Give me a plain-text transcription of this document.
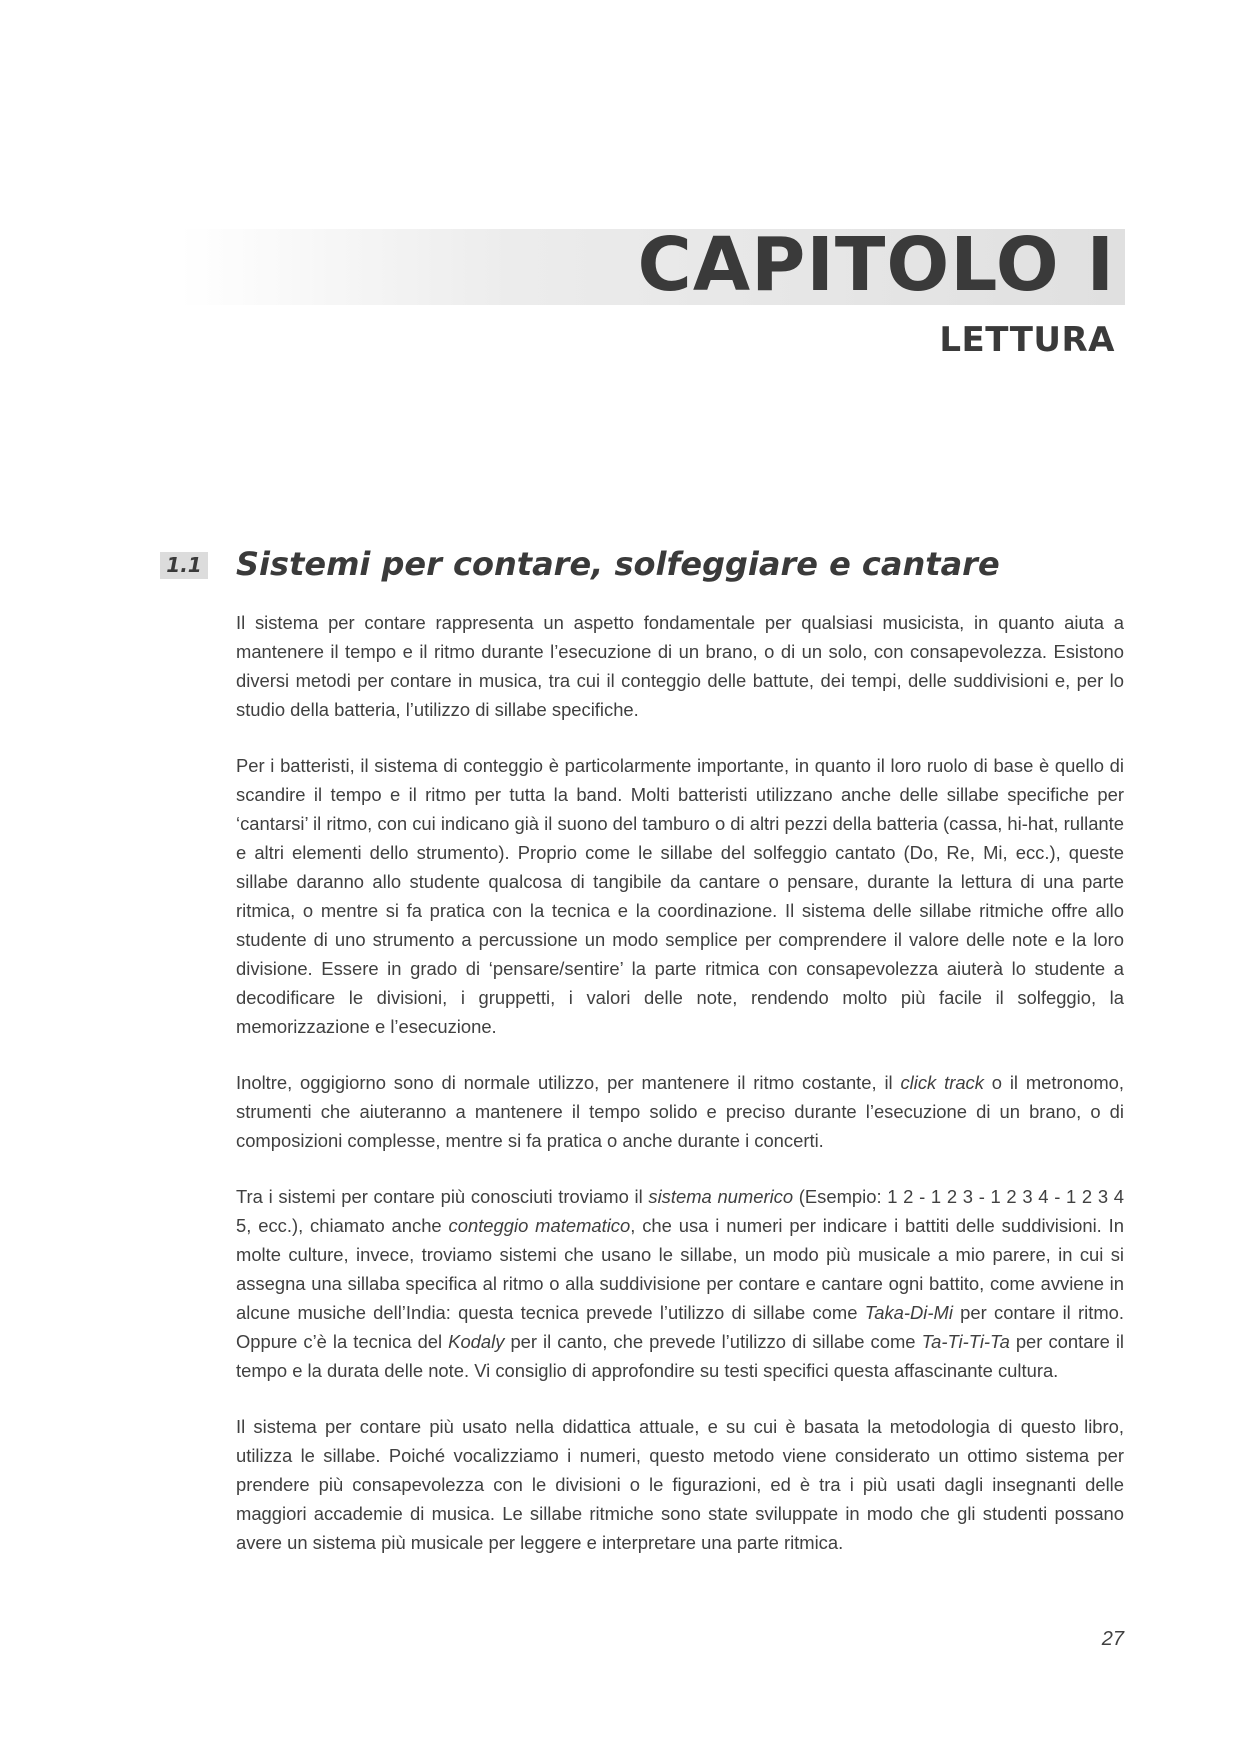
CAPITOLO I
LETTURA
1.1 Sistemi per contare, solfeggiare e cantare

Il sistema per contare rappresenta un aspetto fondamentale per qualsiasi musicista, in quanto aiuta a mantenere il tempo e il ritmo durante l’esecuzione di un brano, o di un solo, con consapevolezza. Esistono diversi metodi per contare in musica, tra cui il conteggio delle battute, dei tempi, delle suddivisioni e, per lo studio della batteria, l’utilizzo di sillabe specifiche.

Per i batteristi, il sistema di conteggio è particolarmente importante, in quanto il loro ruolo di base è quello di scandire il tempo e il ritmo per tutta la band. Molti batteristi utilizzano anche delle sillabe specifiche per ‘cantarsi’ il ritmo, con cui indicano già il suono del tamburo o di altri pezzi della batteria (cassa, hi-hat, rullante e altri elementi dello strumento). Proprio come le sillabe del solfeggio cantato (Do, Re, Mi, ecc.), queste sillabe daranno allo studente qualcosa di tangibile da cantare o pensare, durante la lettura di una parte ritmica, o mentre si fa pratica con la tecnica e la coordinazione. Il sistema delle sillabe ritmiche offre allo studente di uno strumento a percussione un modo semplice per comprendere il valore delle note e la loro divisione. Essere in grado di ‘pensare/sentire’ la parte ritmica con consapevolezza aiuterà lo studente a decodificare le divisioni, i gruppetti, i valori delle note, rendendo molto più facile il solfeggio, la memorizzazione e l’esecuzione.

Inoltre, oggigiorno sono di normale utilizzo, per mantenere il ritmo costante, il click track o il metronomo, strumenti che aiuteranno a mantenere il tempo solido e preciso durante l’esecuzione di un brano, o di composizioni complesse, mentre si fa pratica o anche durante i concerti.

Tra i sistemi per contare più conosciuti troviamo il sistema numerico (Esempio: 1 2 - 1 2 3 - 1 2 3 4 - 1 2 3 4 5, ecc.), chiamato anche conteggio matematico, che usa i numeri per indicare i battiti delle suddivisioni. In molte culture, invece, troviamo sistemi che usano le sillabe, un modo più musicale a mio parere, in cui si assegna una sillaba specifica al ritmo o alla suddivisione per contare e cantare ogni battito, come avviene in alcune musiche dell’India: questa tecnica prevede l’utilizzo di sillabe come Taka-Di-Mi per contare il ritmo. Oppure c’è la tecnica del Kodaly per il canto, che prevede l’utilizzo di sillabe come Ta-Ti-Ti-Ta per contare il tempo e la durata delle note. Vi consiglio di approfondire su testi specifici questa affascinante cultura.

Il sistema per contare più usato nella didattica attuale, e su cui è basata la metodologia di questo libro, utilizza le sillabe. Poiché vocalizziamo i numeri, questo metodo viene considerato un ottimo sistema per prendere più consapevolezza con le divisioni o le figurazioni, ed è tra i più usati dagli insegnanti delle maggiori accademie di musica. Le sillabe ritmiche sono state sviluppate in modo che gli studenti possano avere un sistema più musicale per leggere e interpretare una parte ritmica.

27
